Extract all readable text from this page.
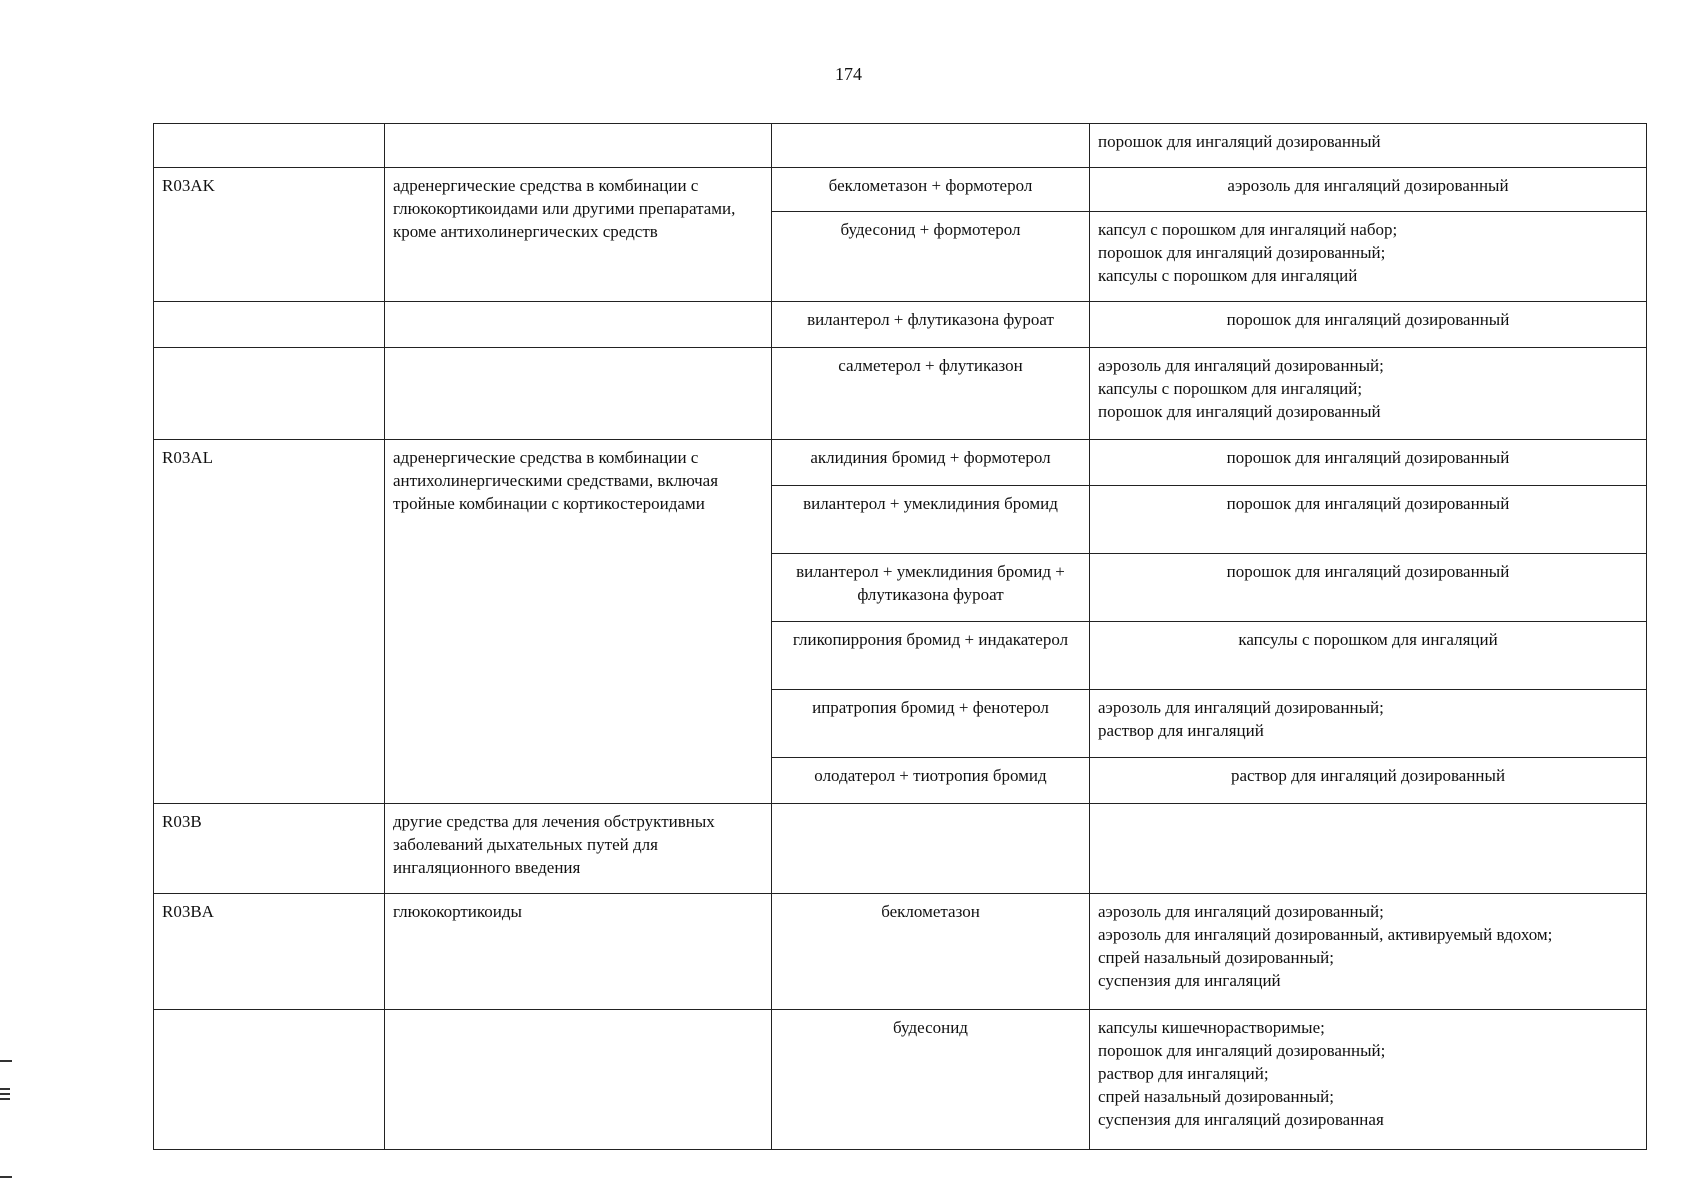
174

			порошок для ингаляций дозированный

R03AK	адренергические средства в комбинации с глюкокортикоидами или другими препаратами, кроме антихолинергических средств	беклометазон + формотерол	аэрозоль для ингаляций дозированный

		будесонид + формотерол	капсул с порошком для ингаляций набор;
порошок для ингаляций дозированный;
капсулы с порошком для ингаляций

		вилантерол + флутиказона фуроат	порошок для ингаляций дозированный

		салметерол + флутиказон	аэрозоль для ингаляций дозированный;
капсулы с порошком для ингаляций;
порошок для ингаляций дозированный

R03AL	адренергические средства в комбинации с антихолинергическими средствами, включая тройные комбинации с кортикостероидами	аклидиния бромид + формотерол	порошок для ингаляций дозированный

		вилантерол + умеклидиния бромид	порошок для ингаляций дозированный

		вилантерол + умеклидиния бромид + флутиказона фуроат	порошок для ингаляций дозированный

		гликопиррония бромид + индакатерол	капсулы с порошком для ингаляций

		ипратропия бромид + фенотерол	аэрозоль для ингаляций дозированный;
раствор для ингаляций

		олодатерол + тиотропия бромид	раствор для ингаляций дозированный

R03B	другие средства для лечения обструктивных заболеваний дыхательных путей для ингаляционного введения		
R03BA	глюкокортикоиды	беклометазон	аэрозоль для ингаляций дозированный;
аэрозоль для ингаляций дозированный, активируемый вдохом;
спрей назальный дозированный;
суспензия для ингаляций

		будесонид	капсулы кишечнорастворимые;
порошок для ингаляций дозированный;
раствор для ингаляций;
спрей назальный дозированный;
суспензия для ингаляций дозированная
